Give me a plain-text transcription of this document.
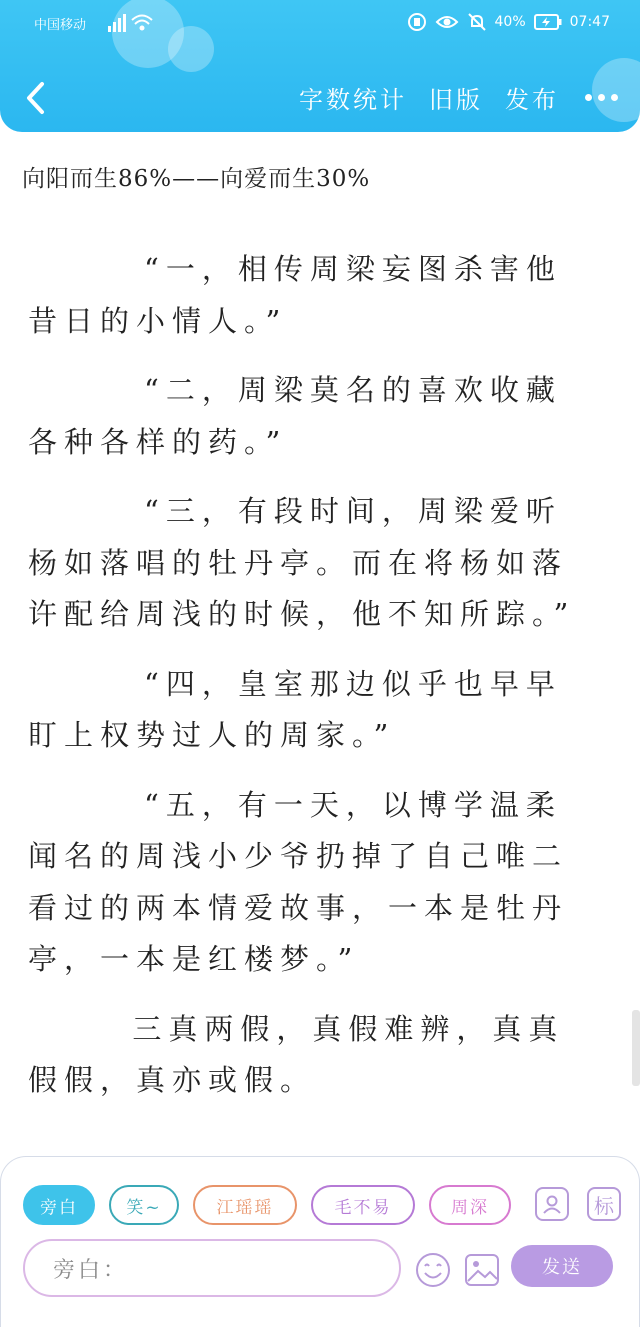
中国移动	40%	07:47
字数统计 旧版 发布
向阳而生86%——向爱而生30%

“一，相传周梁妄图杀害他昔日的小情人。”

“二，周梁莫名的喜欢收藏各种各样的药。”

“三，有段时间，周梁爱听杨如落唱的牡丹亭。而在将杨如落许配给周浅的时候，他不知所踪。”

“四，皇室那边似乎也早早盯上权势过人的周家。”

“五，有一天，以博学温柔闻名的周浅小少爷扔掉了自己唯二看过的两本情爱故事，一本是牡丹亭，一本是红楼梦。”

三真两假，真假难辨，真真假假，真亦或假。

旁白	笑~	江瑶瑶	毛不易	周深	标
旁白：	发送
